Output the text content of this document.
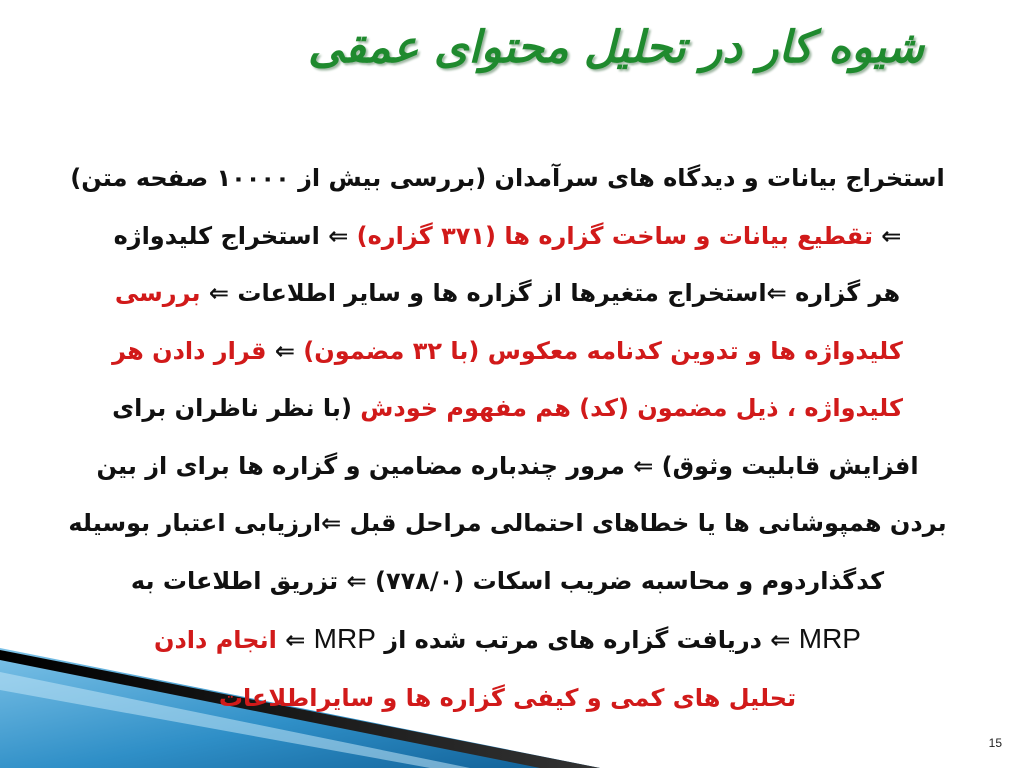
شیوه کار در تحلیل محتوای عمقی
استخراج بیانات و دیدگاه های سرآمدان (بررسی بیش از ۱۰۰۰۰ صفحه متن)
⇐ تقطیع بیانات و ساخت گزاره ها (۳۷۱ گزاره) ⇐ استخراج کلیدواژه
هر گزاره ⇐استخراج متغیرها از گزاره ها و سایر اطلاعات ⇐ بررسی
کلیدواژه ها و تدوین کدنامه معکوس (با ۳۲ مضمون) ⇐ قرار دادن هر
کلیدواژه ، ذیل مضمون (کد) هم مفهوم خودش (با نظر ناظران برای
افزایش قابلیت وثوق) ⇐ مرور چندباره مضامین و گزاره ها برای از بین
بردن همپوشانی ها یا خطاهای احتمالی مراحل قبل ⇐ارزیابی اعتبار بوسیله
کدگذاردوم و محاسبه ضریب اسکات (۷۷۸/۰) ⇐ تزریق اطلاعات به
MRP ⇐ دریافت گزاره های مرتب شده از MRP ⇐ انجام دادن
تحلیل های کمی و کیفی گزاره ها و سایراطلاعات
15
